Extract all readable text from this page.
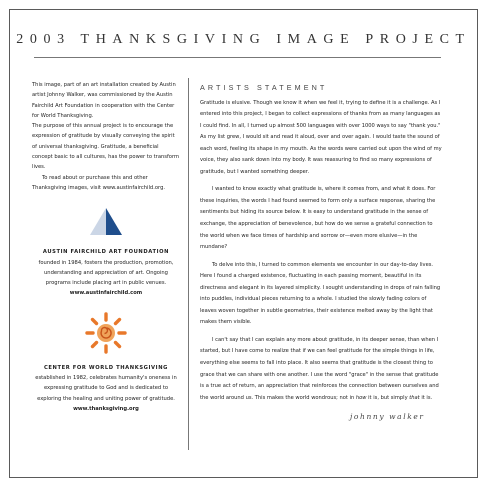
2003 THANKSGIVING IMAGE PROJECT

This image, part of an art installation created by Austin artist Johnny Walker, was commissioned by the Austin Fairchild Art Foundation in cooperation with the Center for World Thanksgiving.

The purpose of this annual project is to encourage the expression of gratitude by visually conveying the spirit of universal thanksgiving. Gratitude, a beneficial concept basic to all cultures, has the power to transform lives.

To read about or purchase this and other Thanksgiving images, visit www.austinfairchild.org.

AUSTIN FAIRCHILD ART FOUNDATION

founded in 1984, fosters the production, promotion, understanding and appreciation of art. Ongoing programs include placing art in public venues.

www.austinfairchild.com

CENTER FOR WORLD THANKSGIVING

established in 1982, celebrates humanity's oneness in expressing gratitude to God and is dedicated to exploring the healing and uniting power of gratitude.

www.thanksgiving.org

ARTISTS STATEMENT

Gratitude is elusive. Though we know it when we feel it, trying to define it is a challenge. As I entered into this project, I began to collect expressions of thanks from as many languages as I could find. In all, I turned up almost 500 languages with over 1000 ways to say "thank you." As my list grew, I would sit and read it aloud, over and over again. I would taste the sound of each word, feeling its shape in my mouth. As the words were carried out upon the wind of my voice, they also sank down into my body. It was reassuring to find so many expressions of gratitude, but I wanted something deeper.

I wanted to know exactly what gratitude is, where it comes from, and what it does. For these inquiries, the words I had found seemed to form only a surface response, sharing the sentiments but hiding its source below. It is easy to understand gratitude in the sense of exchange, the appreciation of benevolence, but how do we sense a grateful connection to the world when we face times of hardship and sorrow or—even more elusive—in the mundane?

To delve into this, I turned to common elements we encounter in our day-to-day lives. Here I found a charged existence, fluctuating in each passing moment, beautiful in its directness and elegant in its layered simplicity. I sought understanding in drops of rain falling into puddles, individual pieces returning to a whole. I studied the slowly fading colors of leaves woven together in subtle geometries, their existence melted away by the light that makes them visible.

I can't say that I can explain any more about gratitude, in its deeper sense, than when I started, but I have come to realize that if we can feel gratitude for the simple things in life, everything else seems to fall into place. It also seems that gratitude is the closest thing to grace that we can share with one another. I use the word "grace" in the sense that gratitude is a true act of return, an appreciation that reinforces the connection between ourselves and the world around us. This makes the world wondrous; not in how it is, but simply that it is.

johnny walker
